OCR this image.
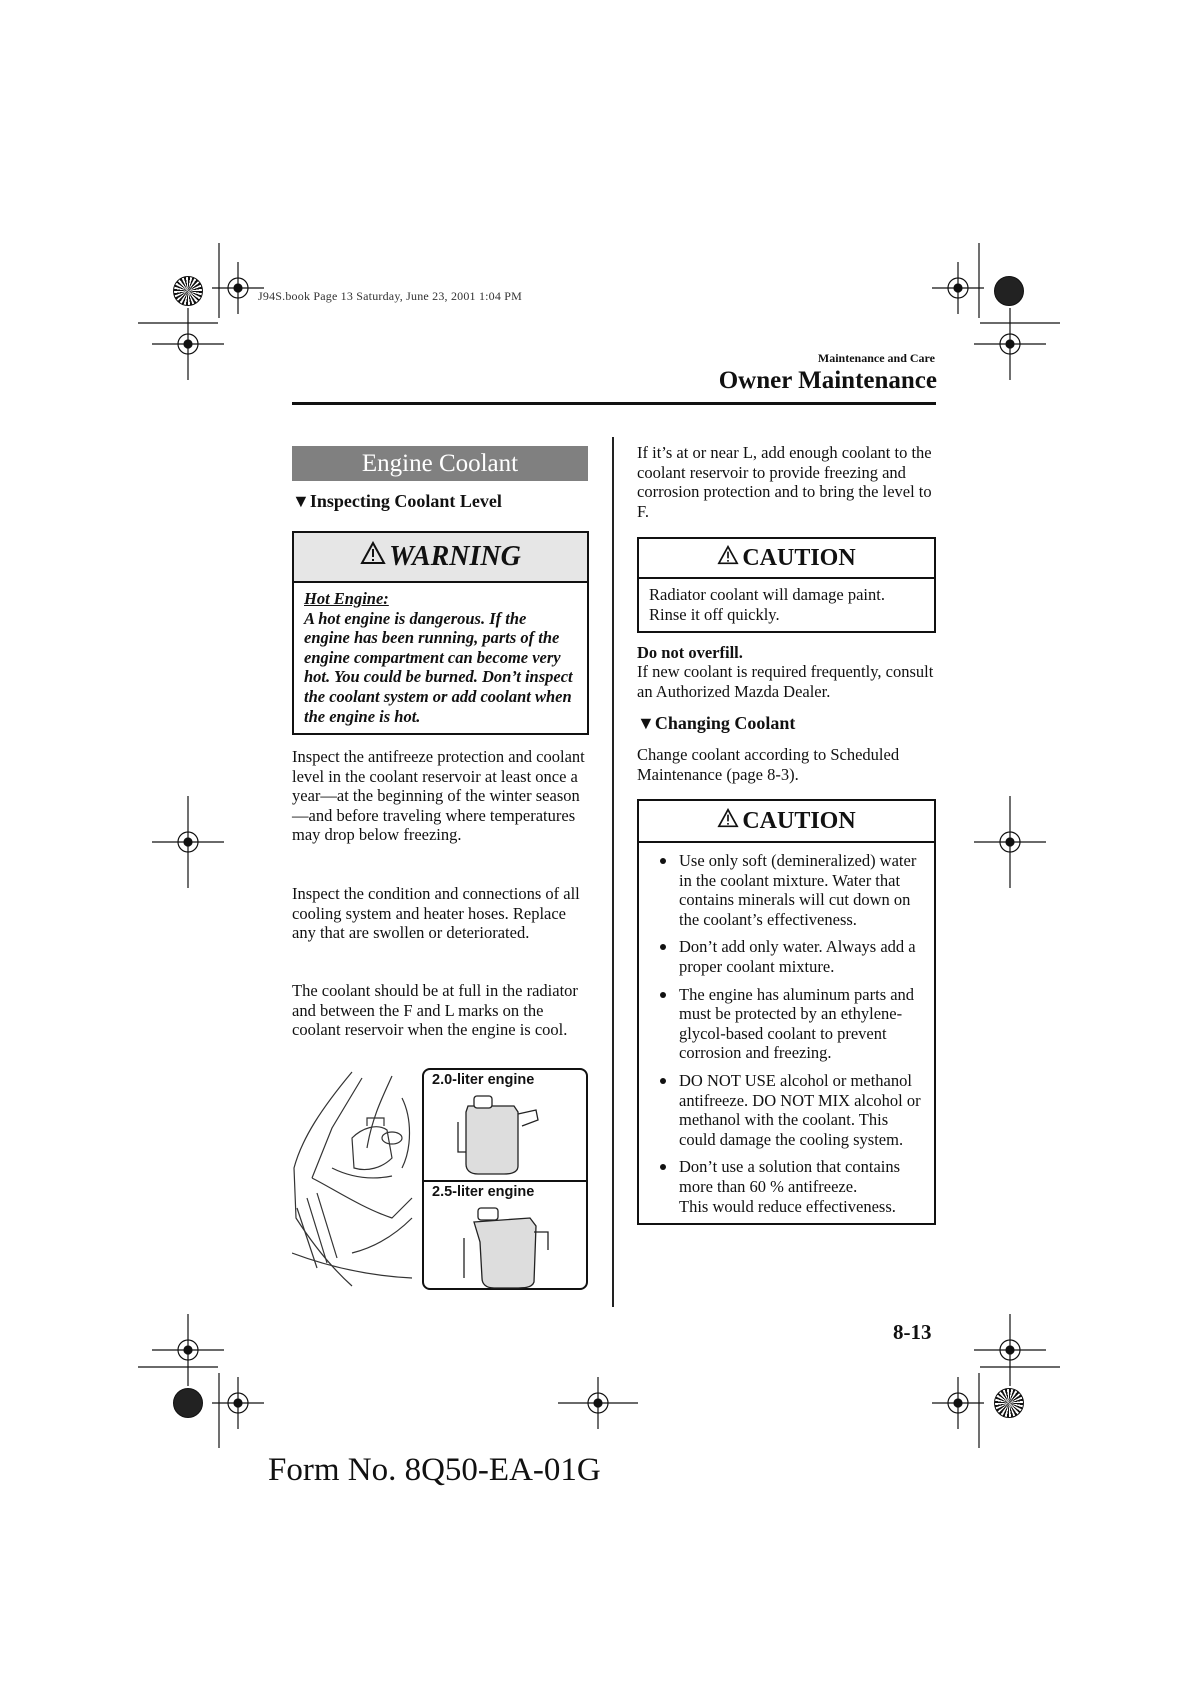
J94S.book Page 13 Saturday, June 23, 2001 1:04 PM
Maintenance and Care
Owner Maintenance
Engine Coolant
▼Inspecting Coolant Level
WARNING
Hot Engine:
A hot engine is dangerous. If the engine has been running, parts of the engine compartment can become very hot. You could be burned. Don’t inspect the coolant system or add coolant when the engine is hot.
Inspect the antifreeze protection and coolant level in the coolant reservoir at least once a year—at the beginning of the winter season—and before traveling where temperatures may drop below freezing.
Inspect the condition and connections of all cooling system and heater hoses. Replace any that are swollen or deteriorated.
The coolant should be at full in the radiator and between the F and L marks on the coolant reservoir when the engine is cool.
2.0-liter engine
2.5-liter engine
If it’s at or near L, add enough coolant to the coolant reservoir to provide freezing and corrosion protection and to bring the level to F.
CAUTION
Radiator coolant will damage paint. Rinse it off quickly.
Do not overfill.
If new coolant is required frequently, consult an Authorized Mazda Dealer.
▼Changing Coolant
Change coolant according to Scheduled Maintenance (page 8-3).
CAUTION
Use only soft (demineralized) water in the coolant mixture. Water that contains minerals will cut down on the coolant’s effectiveness.
Don’t add only water. Always add a proper coolant mixture.
The engine has aluminum parts and must be protected by an ethylene-glycol-based coolant to prevent corrosion and freezing.
DO NOT USE alcohol or methanol antifreeze. DO NOT MIX alcohol or methanol with the coolant. This could damage the cooling system.
Don’t use a solution that contains more than 60 % antifreeze.
This would reduce effectiveness.
8-13
Form No. 8Q50-EA-01G
